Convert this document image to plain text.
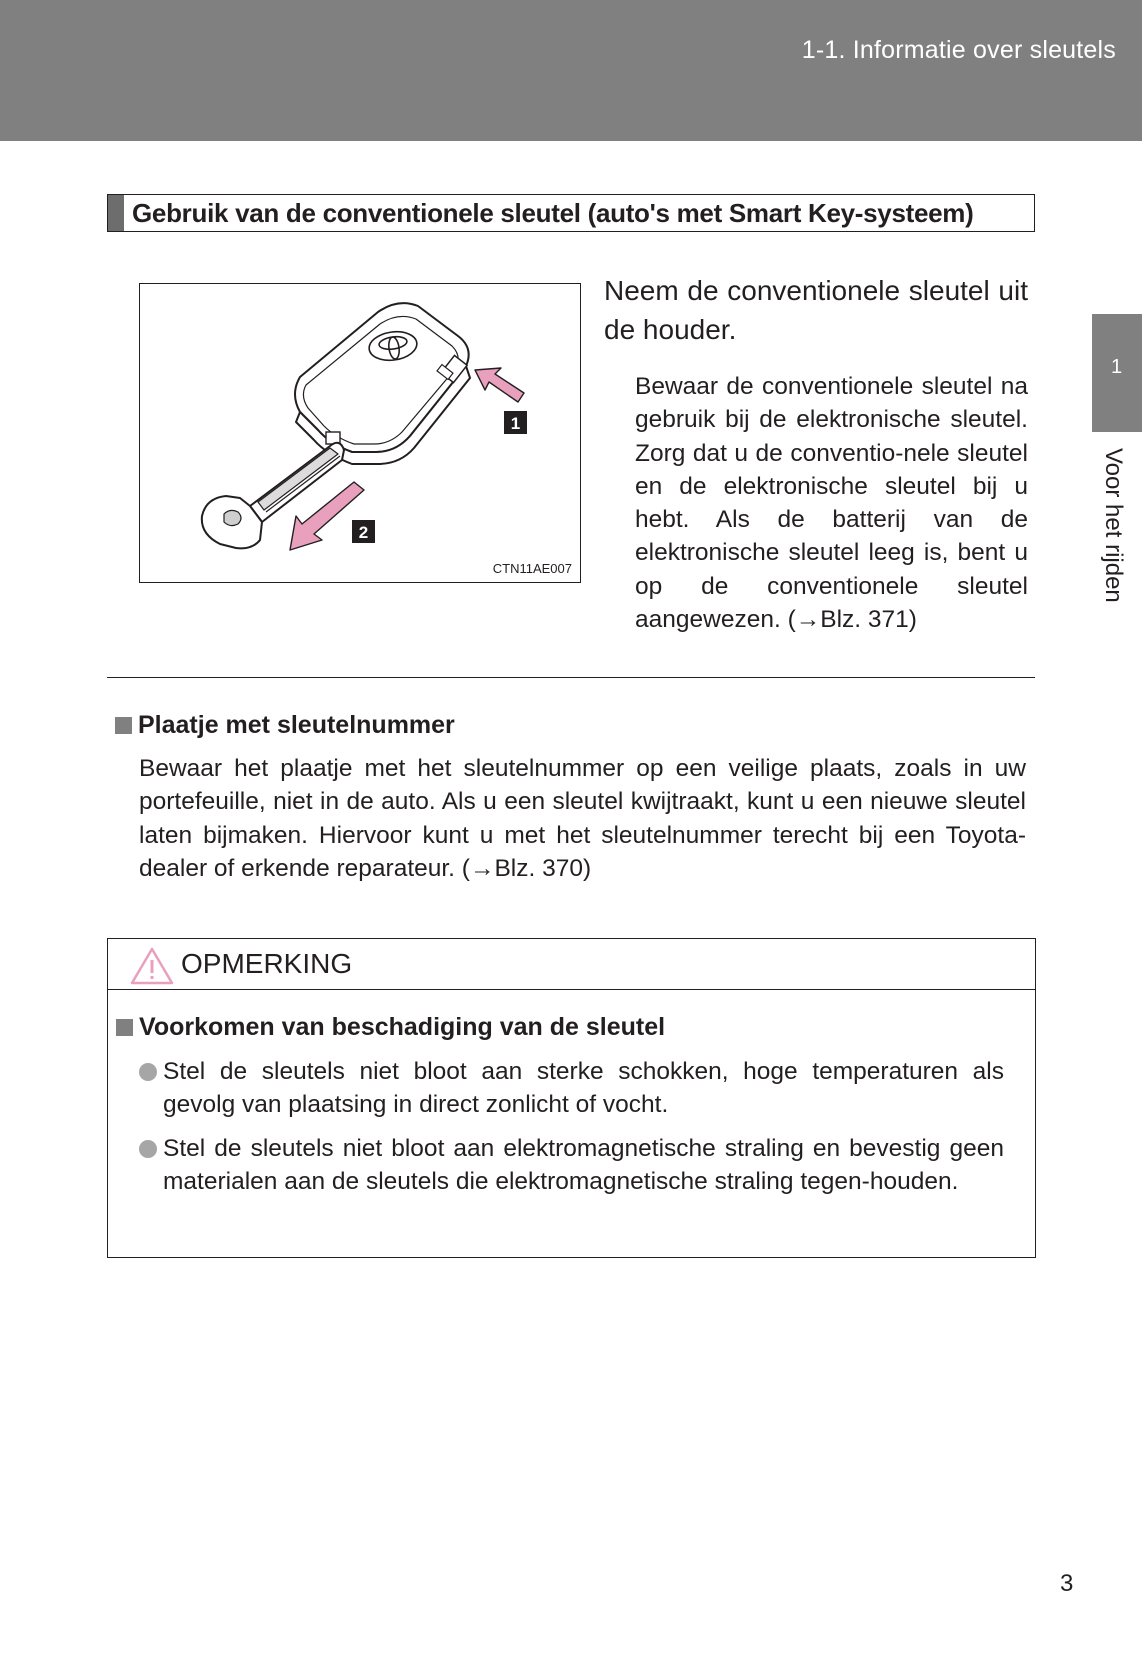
1-1. Informatie over sleutels
Gebruik van de conventionele sleutel (auto's met Smart Key-systeem)
1
2
CTN11AE007
Neem de conventionele sleutel uit de houder.
Bewaar de conventionele sleutel na gebruik bij de elektronische sleutel. Zorg dat u de conventio-nele sleutel en de elektronische sleutel bij u hebt. Als de batterij van de elektronische sleutel leeg is, bent u op de conventionele sleutel aangewezen. (→Blz. 371)
Plaatje met sleutelnummer
Bewaar het plaatje met het sleutelnummer op een veilige plaats, zoals in uw portefeuille, niet in de auto. Als u een sleutel kwijtraakt, kunt u een nieuwe sleutel laten bijmaken. Hiervoor kunt u met het sleutelnummer terecht bij een Toyota-dealer of erkende reparateur. (→Blz. 370)
OPMERKING
Voorkomen van beschadiging van de sleutel
Stel de sleutels niet bloot aan sterke schokken, hoge temperaturen als gevolg van plaatsing in direct zonlicht of vocht.
Stel de sleutels niet bloot aan elektromagnetische straling en bevestig geen materialen aan de sleutels die elektromagnetische straling tegen-houden.
1
Voor het rijden
3
